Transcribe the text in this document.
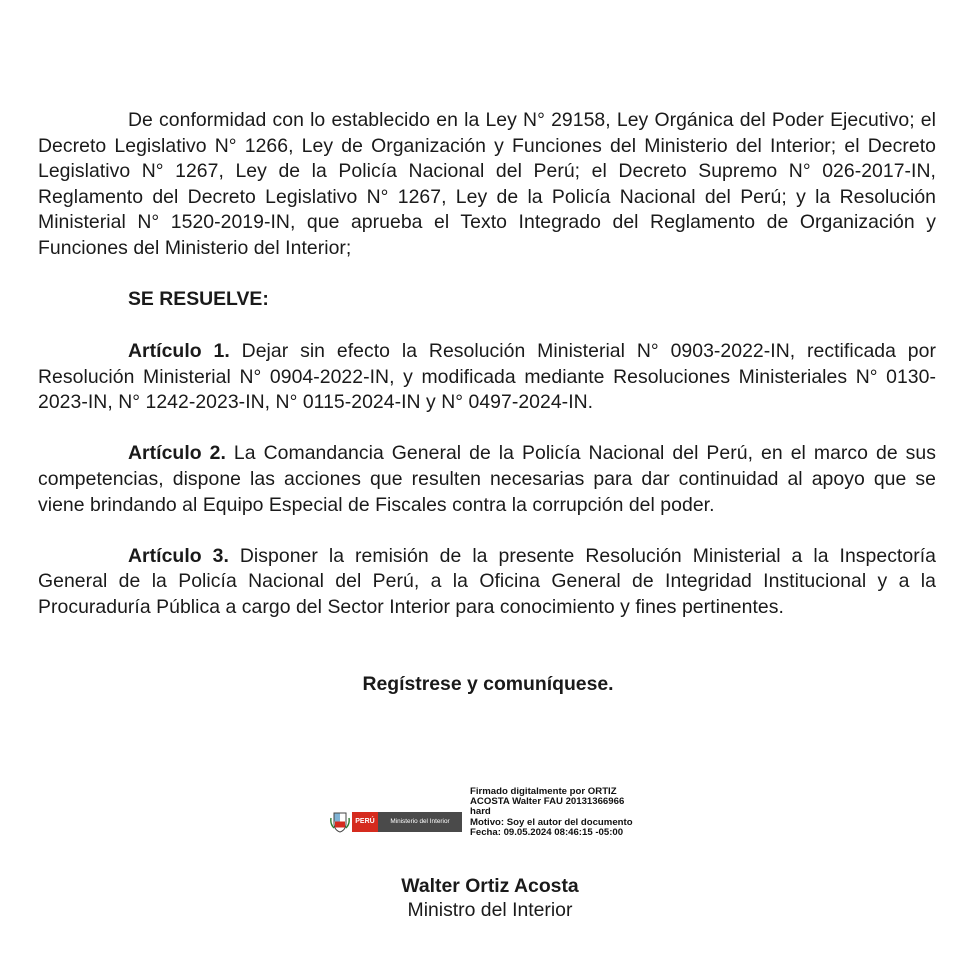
De conformidad con lo establecido en la Ley N° 29158, Ley Orgánica del Poder Ejecutivo; el Decreto Legislativo N° 1266, Ley de Organización y Funciones del Ministerio del Interior; el Decreto Legislativo N° 1267, Ley de la Policía Nacional del Perú; el Decreto Supremo N° 026-2017-IN, Reglamento del Decreto Legislativo N° 1267, Ley de la Policía Nacional del Perú; y la Resolución Ministerial N° 1520-2019-IN, que aprueba el Texto Integrado del Reglamento de Organización y Funciones del Ministerio del Interior;

SE RESUELVE:

Artículo 1. Dejar sin efecto la Resolución Ministerial N° 0903-2022-IN, rectificada por Resolución Ministerial N° 0904-2022-IN, y modificada mediante Resoluciones Ministeriales N° 0130-2023-IN, N° 1242-2023-IN, N° 0115-2024-IN y N° 0497-2024-IN.

Artículo 2. La Comandancia General de la Policía Nacional del Perú, en el marco de sus competencias, dispone las acciones que resulten necesarias para dar continuidad al apoyo que se viene brindando al Equipo Especial de Fiscales contra la corrupción del poder.

Artículo 3. Disponer la remisión de la presente Resolución Ministerial a la Inspectoría General de la Policía Nacional del Perú, a la Oficina General de Integridad Institucional y a la Procuraduría Pública a cargo del Sector Interior para conocimiento y fines pertinentes.

Regístrese y comuníquese.
PERÚ	Ministerio del Interior
Firmado digitalmente por ORTIZ
ACOSTA Walter FAU 20131366966
hard
Motivo: Soy el autor del documento
Fecha: 09.05.2024 08:46:15 -05:00
Walter Ortiz Acosta
Ministro del Interior
